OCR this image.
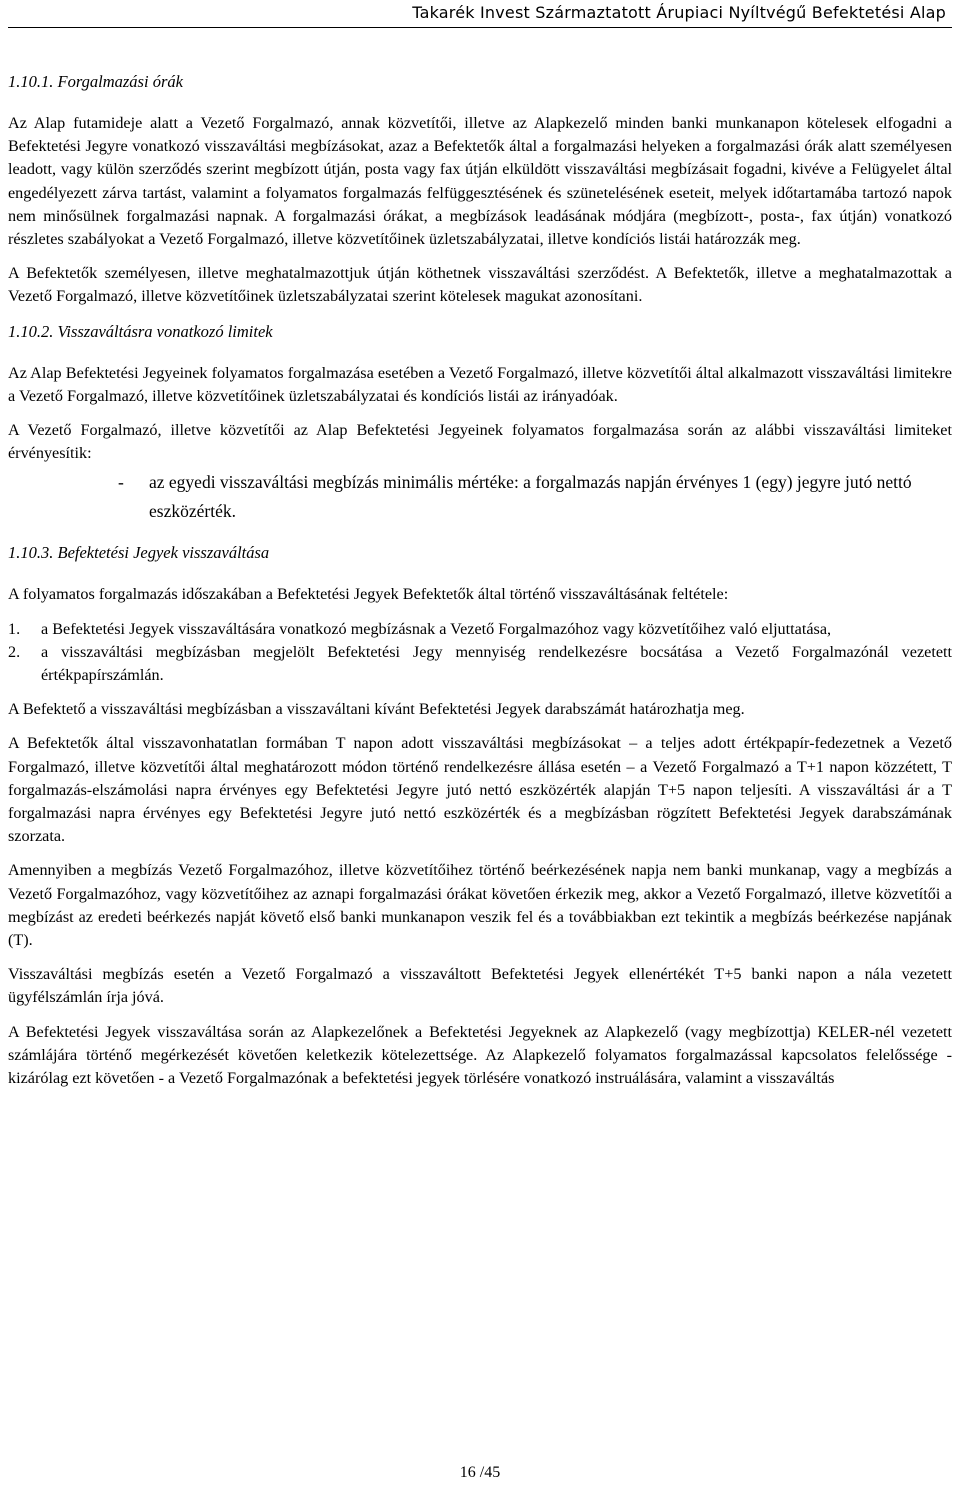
Takarék Invest Származtatott Árupiaci Nyíltvégű Befektetési Alap
1.10.1. Forgalmazási órák

Az Alap futamideje alatt a Vezető Forgalmazó, annak közvetítői, illetve az Alapkezelő minden banki munkanapon kötelesek elfogadni a Befektetési Jegyre vonatkozó visszaváltási megbízásokat, azaz a Befektetők által a forgalmazási helyeken a forgalmazási órák alatt személyesen leadott, vagy külön szerződés szerint megbízott útján, posta vagy fax útján elküldött visszaváltási megbízásait fogadni, kivéve a Felügyelet által engedélyezett zárva tartást, valamint a folyamatos forgalmazás felfüggesztésének és szünetelésének eseteit, melyek időtartamába tartozó napok nem minősülnek forgalmazási napnak. A forgalmazási órákat, a megbízások leadásának módjára (megbízott-, posta-, fax útján) vonatkozó részletes szabályokat a Vezető Forgalmazó, illetve közvetítőinek üzletszabályzatai, illetve kondíciós listái határozzák meg.

A Befektetők személyesen, illetve meghatalmazottjuk útján köthetnek visszaváltási szerződést. A Befektetők, illetve a meghatalmazottak a Vezető Forgalmazó, illetve közvetítőinek üzletszabályzatai szerint kötelesek magukat azonosítani.

1.10.2. Visszaváltásra vonatkozó limitek

Az Alap Befektetési Jegyeinek folyamatos forgalmazása esetében a Vezető Forgalmazó, illetve közvetítői által alkalmazott visszaváltási limitekre a Vezető Forgalmazó, illetve közvetítőinek üzletszabályzatai és kondíciós listái az irányadóak.

A Vezető Forgalmazó, illetve közvetítői az Alap Befektetési Jegyeinek folyamatos forgalmazása során az alábbi visszaváltási limiteket érvényesítik:

- az egyedi visszaváltási megbízás minimális mértéke: a forgalmazás napján érvényes 1 (egy) jegyre jutó nettó eszközérték.
1.10.3. Befektetési Jegyek visszaváltása

A folyamatos forgalmazás időszakában a Befektetési Jegyek Befektetők által történő visszaváltásának feltétele:

1. a Befektetési Jegyek visszaváltására vonatkozó megbízásnak a Vezető Forgalmazóhoz vagy közvetítőihez való eljuttatása,
2. a visszaváltási megbízásban megjelölt Befektetési Jegy mennyiség rendelkezésre bocsátása a Vezető Forgalmazónál vezetett értékpapírszámlán.

A Befektető a visszaváltási megbízásban a visszaváltani kívánt Befektetési Jegyek darabszámát határozhatja meg.

A Befektetők által visszavonhatatlan formában T napon adott visszaváltási megbízásokat – a teljes adott értékpapír-fedezetnek a Vezető Forgalmazó, illetve közvetítői által meghatározott módon történő rendelkezésre állása esetén – a Vezető Forgalmazó a T+1 napon közzétett, T forgalmazás-elszámolási napra érvényes egy Befektetési Jegyre jutó nettó eszközérték alapján T+5 napon teljesíti. A visszaváltási ár a T forgalmazási napra érvényes egy Befektetési Jegyre jutó nettó eszközérték és a megbízásban rögzített Befektetési Jegyek darabszámának szorzata.

Amennyiben a megbízás Vezető Forgalmazóhoz, illetve közvetítőihez történő beérkezésének napja nem banki munkanap, vagy a megbízás a Vezető Forgalmazóhoz, vagy közvetítőihez az aznapi forgalmazási órákat követően érkezik meg, akkor a Vezető Forgalmazó, illetve közvetítői a megbízást az eredeti beérkezés napját követő első banki munkanapon veszik fel és a továbbiakban ezt tekintik a megbízás beérkezése napjának (T).

Visszaváltási megbízás esetén a Vezető Forgalmazó a visszaváltott Befektetési Jegyek ellenértékét T+5 banki napon a nála vezetett ügyfélszámlán írja jóvá.

A Befektetési Jegyek visszaváltása során az Alapkezelőnek a Befektetési Jegyeknek az Alapkezelő (vagy megbízottja) KELER-nél vezetett számlájára történő megérkezését követően keletkezik kötelezettsége. Az Alapkezelő folyamatos forgalmazással kapcsolatos felelőssége - kizárólag ezt követően - a Vezető Forgalmazónak a befektetési jegyek törlésére vonatkozó instruálására, valamint a visszaváltás

16 /45
